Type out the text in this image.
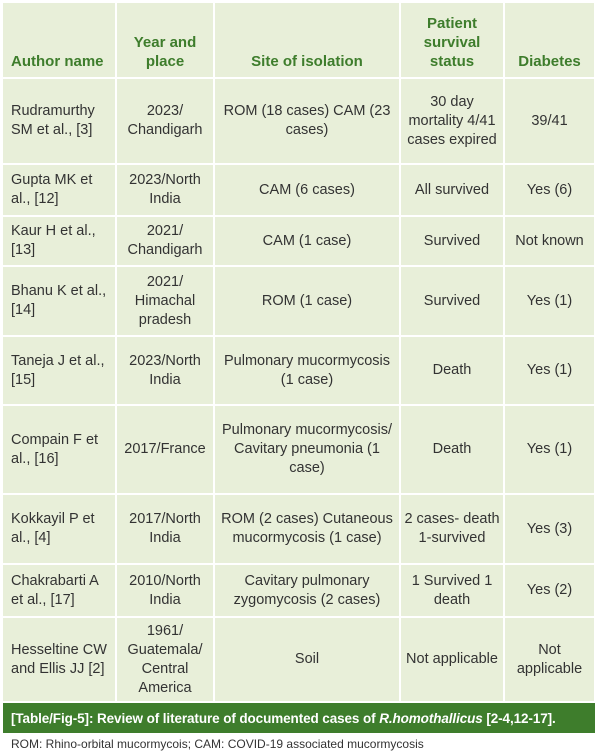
Author name	Year and place	Site of isolation	Patient survival status	Diabetes
Rudramurthy SM et al., [3]	2023/ Chandigarh	ROM (18 cases) CAM (23 cases)	30 day mortality 4/41 cases expired	39/41
Gupta MK et al., [12]	2023/North India	CAM (6 cases)	All survived	Yes (6)
Kaur H et al., [13]	2021/ Chandigarh	CAM (1 case)	Survived	Not known
Bhanu K et al., [14]	2021/ Himachal pradesh	ROM (1 case)	Survived	Yes (1)
Taneja J et al., [15]	2023/North India	Pulmonary mucormycosis (1 case)	Death	Yes (1)
Compain F et al., [16]	2017/France	Pulmonary mucormycosis/ Cavitary pneumonia (1 case)	Death	Yes (1)
Kokkayil P et al., [4]	2017/North India	ROM (2 cases) Cutaneous mucormycosis (1 case)	2 cases- death 1-survived	Yes (3)
Chakrabarti A et al., [17]	2010/North India	Cavitary pulmonary zygomycosis (2 cases)	1 Survived 1 death	Yes (2)
Hesseltine CW and Ellis JJ [2]	1961/ Guatemala/ Central America	Soil	Not applicable	Not applicable
[Table/Fig-5]: Review of literature of documented cases of R.homothallicus [2-4,12-17].
ROM: Rhino-orbital mucormycois; CAM: COVID-19 associated mucormycosis
